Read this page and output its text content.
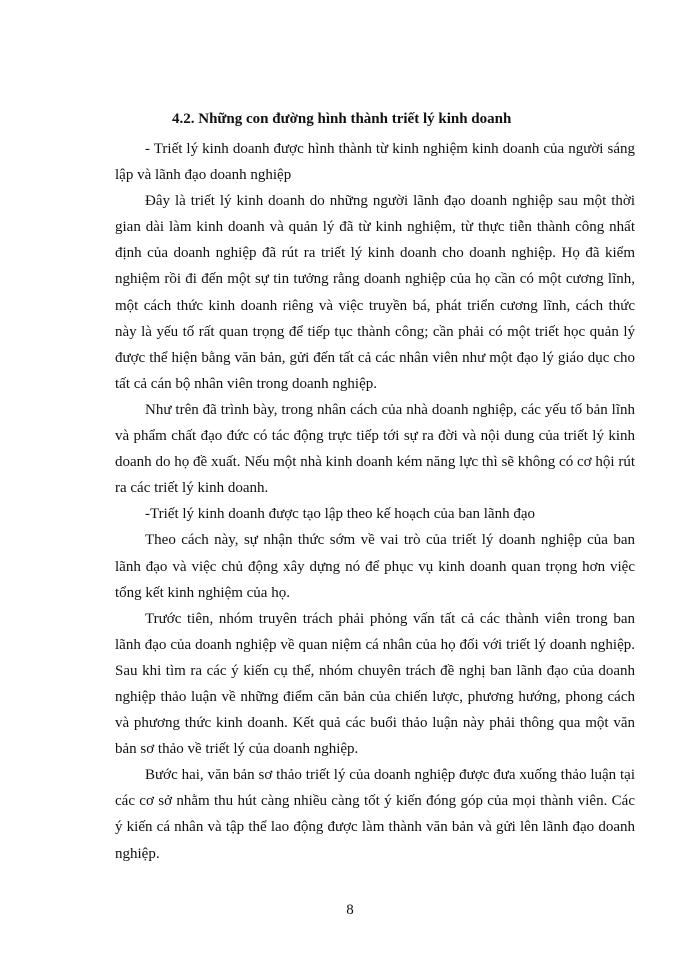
4.2. Những con đường hình thành triết lý kinh doanh

- Triết lý kinh doanh được hình thành từ kinh nghiệm kinh doanh của người sáng lập và lãnh đạo doanh nghiệp

Đây là triết lý kinh doanh do những người lãnh đạo doanh nghiệp sau một thời gian dài làm kinh doanh và quản lý đã từ kinh nghiệm, từ thực tiễn thành công nhất định của doanh nghiệp đã rút ra triết lý kinh doanh cho doanh nghiệp. Họ đã kiểm nghiệm rồi đi đến một sự tin tưởng rằng doanh nghiệp của họ cần có một cương lĩnh, một cách thức kinh doanh riêng và việc truyền bá, phát triển cương lĩnh, cách thức này là yếu tố rất quan trọng để tiếp tục thành công; cần phải có một triết học quản lý được thể hiện bằng văn bản, gửi đến tất cả các nhân viên như một đạo lý giáo dục cho tất cả cán bộ nhân viên trong doanh nghiệp.

Như trên đã trình bày, trong nhân cách của nhà doanh nghiệp, các yếu tố bản lĩnh và phẩm chất đạo đức có tác động trực tiếp tới sự ra đời và nội dung của triết lý kinh doanh do họ đề xuất. Nếu một nhà kinh doanh kém năng lực thì sẽ không có cơ hội rút ra các triết lý kinh doanh.

-Triết lý kinh doanh được tạo lập theo kế hoạch của ban lãnh đạo

Theo cách này, sự nhận thức sớm về vai trò của triết lý doanh nghiệp của ban lãnh đạo và việc chủ động xây dựng nó để phục vụ kinh doanh quan trọng hơn việc tổng kết kinh nghiệm của họ.

Trước tiên, nhóm truyên trách phải phỏng vấn tất cả các thành viên trong ban lãnh đạo của doanh nghiệp về quan niệm cá nhân của họ đối với triết lý doanh nghiệp. Sau khi tìm ra các ý kiến cụ thể, nhóm chuyên trách đề nghị ban lãnh đạo của doanh nghiệp thảo luận về những điểm căn bản của chiến lược, phương hướng, phong cách và phương thức kinh doanh. Kết quả các buổi thảo luận này phải thông qua một văn bản sơ thảo về triết lý của doanh nghiệp.

Bước hai, văn bản sơ thảo triết lý của doanh nghiệp được đưa xuống thảo luận tại các cơ sở nhằm thu hút càng nhiều càng tốt ý kiến đóng góp của mọi thành viên. Các ý kiến cá nhân và tập thể lao động được làm thành văn bản và gửi lên lãnh đạo doanh nghiệp.

8
